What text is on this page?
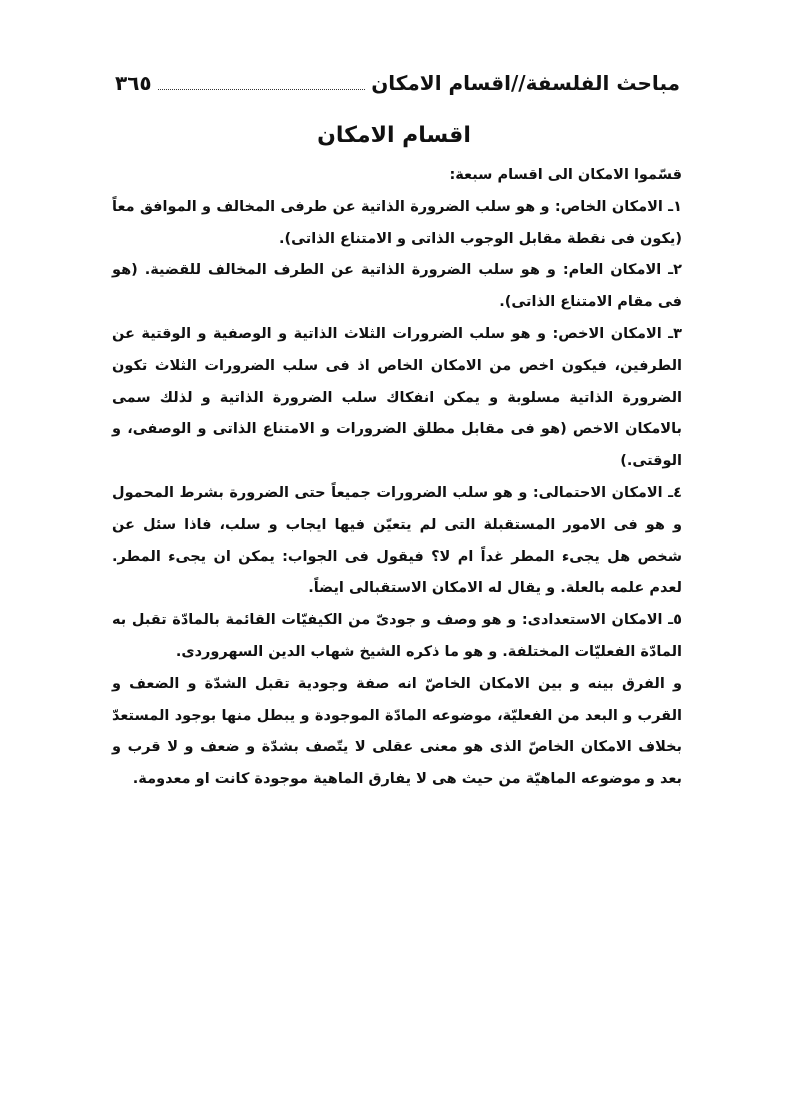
مباحث الفلسفة//اقسام الامكان
٣٦٥
اقسام الامكان

قسّموا الامكان الى اقسام سبعة:

١ـ الامكان الخاص: و هو سلب الضرورة الذاتية عن طرفى المخالف و الموافق معاً (يكون فى نقطة مقابل الوجوب الذاتى و الامتناع الذاتى).

٢ـ الامكان العام: و هو سلب الضرورة الذاتية عن الطرف المخالف للقضية. (هو فى مقام الامتناع الذاتى).

٣ـ الامكان الاخص: و هو سلب الضرورات الثلاث الذاتية و الوصفية و الوقتية عن الطرفين، فيكون اخص من الامكان الخاص اذ فى سلب الضرورات الثلاث تكون الضرورة الذاتية مسلوبة و يمكن انفكاك سلب الضرورة الذاتية و لذلك سمى بالامكان الاخص (هو فى مقابل مطلق الضرورات و الامتناع الذاتى و الوصفى، و الوقتى.)

٤ـ الامكان الاحتمالى: و هو سلب الضرورات جميعاً حتى الضرورة بشرط المحمول و هو فى الامور المستقبلة التى لم يتعيّن فيها ايجاب و سلب، فاذا سئل عن شخص هل يجىء المطر غداً ام لا؟ فيقول فى الجواب: يمكن ان يجىء المطر. لعدم علمه بالعلة. و يقال له الامكان الاستقبالى ايضاً.

٥ـ الامكان الاستعدادى: و هو وصف و جودىّ من الكيفيّات القائمة بالمادّة تقبل به المادّة الفعليّات المختلفة. و هو ما ذكره الشيخ شهاب الدين السهروردى.

و الفرق بينه و بين الامكان الخاصّ انه صفة وجودية تقبل الشدّة و الضعف و القرب و البعد من الفعليّة، موضوعه المادّة الموجودة و يبطل منها بوجود المستعدّ بخلاف الامكان الخاصّ الذى هو معنى عقلى لا يتّصف بشدّة و ضعف و لا قرب و بعد و موضوعه الماهيّة من حيث هى لا يفارق الماهية موجودة كانت او معدومة.
